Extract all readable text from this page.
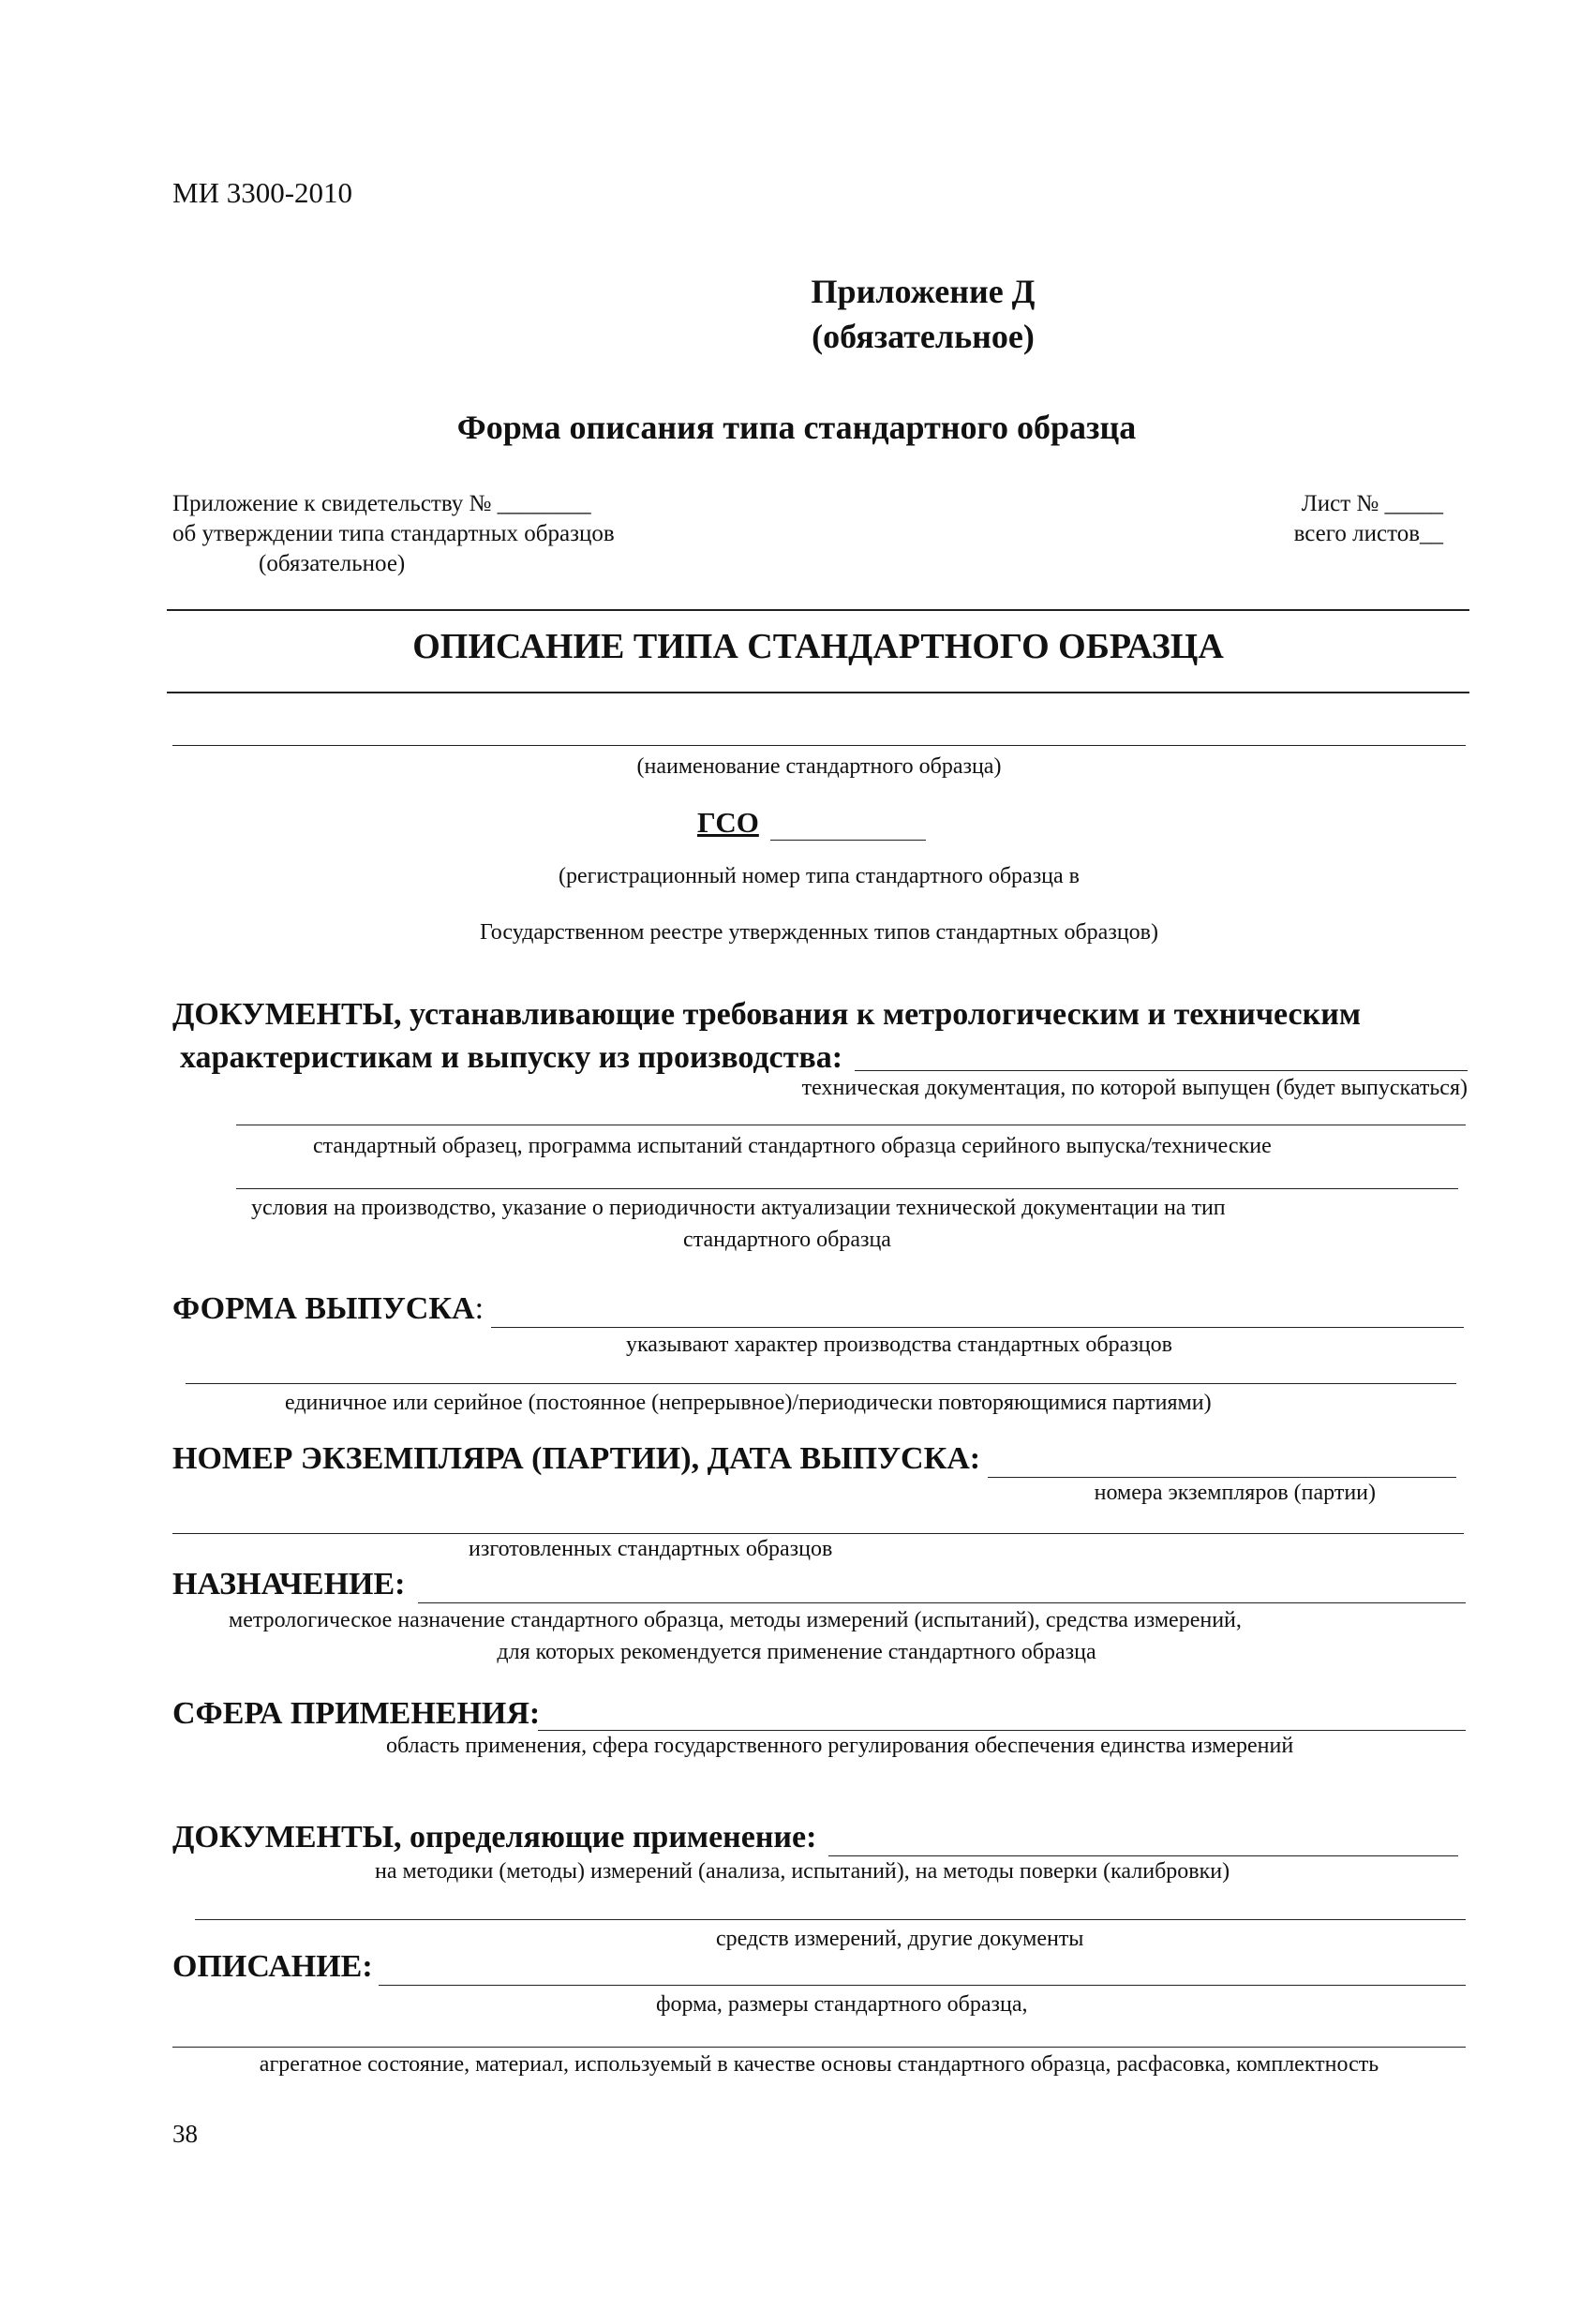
МИ 3300-2010
Приложение Д
(обязательное)
Форма описания типа стандартного образца
Приложение к свидетельству № ________
об утверждении типа стандартных образцов
(обязательное)
Лист № _____
всего листов__
ОПИСАНИЕ ТИПА СТАНДАРТНОГО ОБРАЗЦА
(наименование стандартного образца)
ГСО
(регистрационный номер типа стандартного образца в
Государственном реестре утвержденных типов стандартных образцов)
ДОКУМЕНТЫ, устанавливающие требования к метрологическим и техническим
характеристикам и выпуску из производства:
техническая документация, по которой выпущен (будет выпускаться)
стандартный образец, программа испытаний стандартного образца серийного выпуска/технические
условия на производство, указание о периодичности актуализации технической документации на тип
стандартного образца
ФОРМА ВЫПУСКА:
указывают характер производства стандартных образцов
единичное или серийное (постоянное (непрерывное)/периодически повторяющимися партиями)
НОМЕР ЭКЗЕМПЛЯРА (ПАРТИИ), ДАТА ВЫПУСКА:
номера экземпляров (партии)
изготовленных стандартных образцов
НАЗНАЧЕНИЕ:
метрологическое назначение стандартного образца, методы измерений (испытаний), средства измерений,
для которых рекомендуется применение стандартного образца
СФЕРА ПРИМЕНЕНИЯ:
область применения, сфера государственного регулирования обеспечения единства измерений
ДОКУМЕНТЫ, определяющие применение:
на методики (методы) измерений (анализа, испытаний), на методы поверки (калибровки)
средств измерений, другие документы
ОПИСАНИЕ:
форма, размеры стандартного образца,
агрегатное состояние, материал, используемый в качестве основы стандартного образца, расфасовка, комплектность
38
